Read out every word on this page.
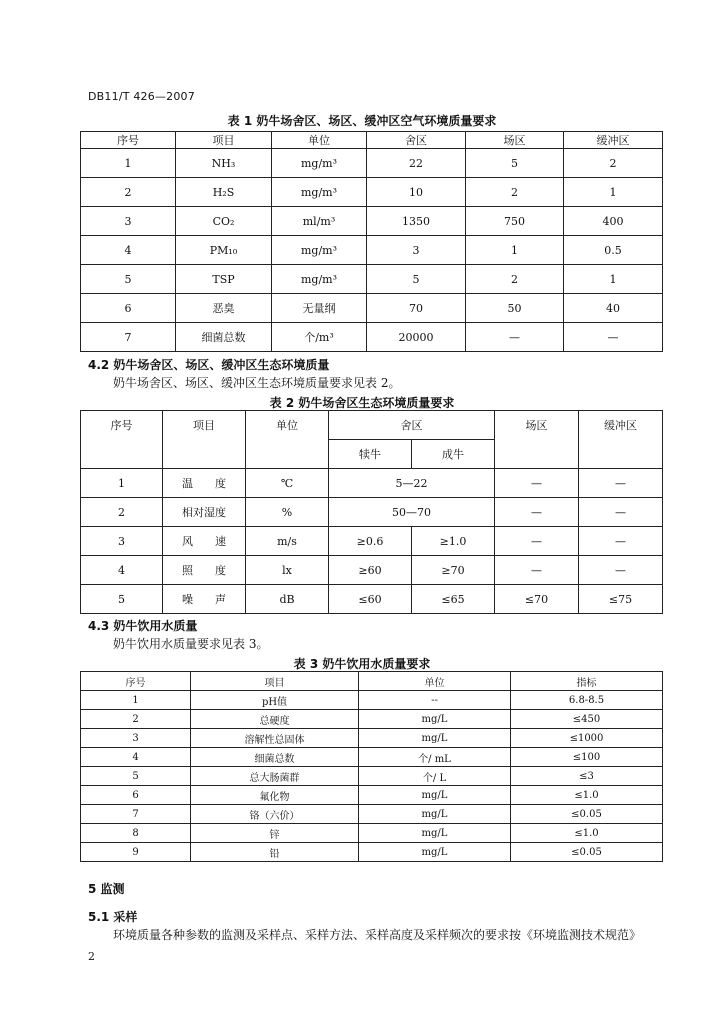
DB11/T 426—2007
表 1 奶牛场舍区、场区、缓冲区空气环境质量要求
序号	项目	单位	舍区	场区	缓冲区
1	NH₃	mg/m³	22	5	2
2	H₂S	mg/m³	10	2	1
3	CO₂	ml/m³	1350	750	400
4	PM₁₀	mg/m³	3	1	0.5
5	TSP	mg/m³	5	2	1
6	恶臭	无量纲	70	50	40
7	细菌总数	个/m³	20000	—	—
4.2 奶牛场舍区、场区、缓冲区生态环境质量
奶牛场舍区、场区、缓冲区生态环境质量要求见表 2。
表 2 奶牛场舍区生态环境质量要求
序号	项目	单位	舍区		场区	缓冲区
			犊牛	成牛		
1	温　　度	℃	5—22		—	—
2	相对湿度	%	50—70		—	—
3	风　　速	m/s	≥0.6	≥1.0	—	—
4	照　　度	lx	≥60	≥70	—	—
5	噪　　声	dB	≤60	≤65	≤70	≤75
4.3 奶牛饮用水质量
奶牛饮用水质量要求见表 3。
表 3 奶牛饮用水质量要求
序号	项目	单位	指标
1	pH值	--	6.8-8.5
2	总硬度	mg/L	≤450
3	溶解性总固体	mg/L	≤1000
4	细菌总数	个/ mL	≤100
5	总大肠菌群	个/ L	≤3
6	氟化物	mg/L	≤1.0
7	铬（六价）	mg/L	≤0.05
8	锌	mg/L	≤1.0
9	铅	mg/L	≤0.05
5 监测
5.1 采样
环境质量各种参数的监测及采样点、采样方法、采样高度及采样频次的要求按《环境监测技术规范》
2
